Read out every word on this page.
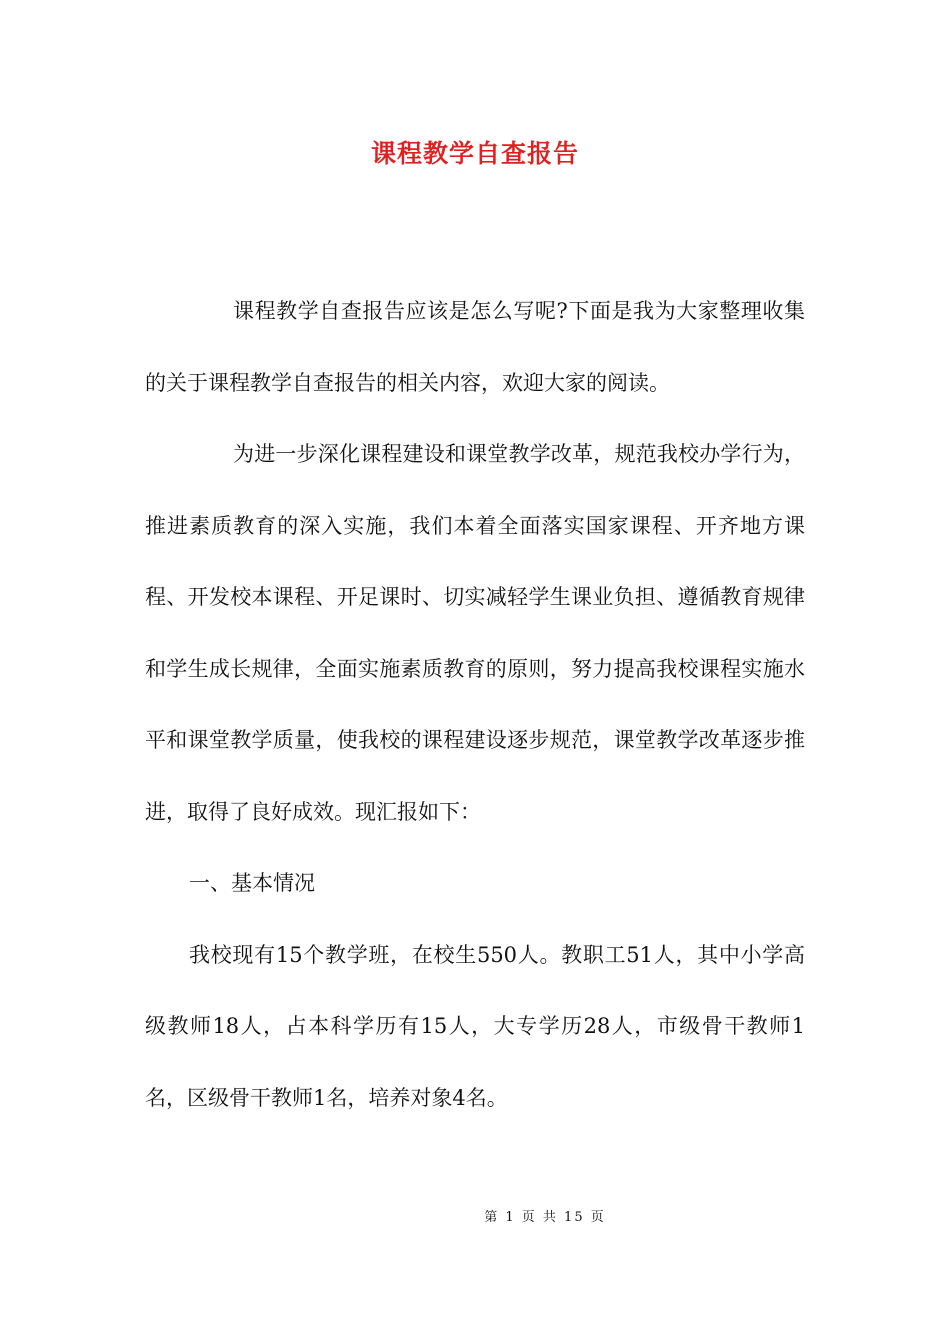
课程教学自查报告

课程教学自查报告应该是怎么写呢?下面是我为大家整理收集的关于课程教学自查报告的相关内容，欢迎大家的阅读。

为进一步深化课程建设和课堂教学改革，规范我校办学行为，推进素质教育的深入实施，我们本着全面落实国家课程、开齐地方课程、开发校本课程、开足课时、切实减轻学生课业负担、遵循教育规律和学生成长规律，全面实施素质教育的原则，努力提高我校课程实施水平和课堂教学质量，使我校的课程建设逐步规范，课堂教学改革逐步推进，取得了良好成效。现汇报如下：

一、基本情况

我校现有15个教学班，在校生550人。教职工51人，其中小学高级教师18人，占本科学历有15人，大专学历28人，市级骨干教师1名，区级骨干教师1名，培养对象4名。

第 1 页 共 15 页
